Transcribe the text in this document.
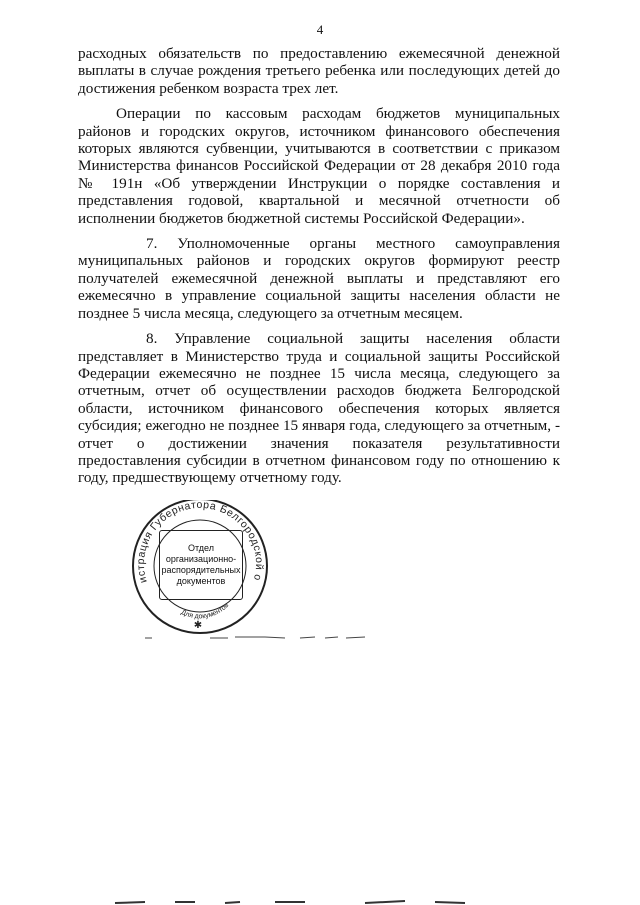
4

расходных обязательств по предоставлению ежемесячной денежной выплаты в случае рождения третьего ребенка или последующих детей до достижения ребенком возраста трех лет.

Операции по кассовым расходам бюджетов муниципальных районов и городских округов, источником финансового обеспечения которых являются субвенции, учитываются в соответствии с приказом Министерства финансов Российской Федерации от 28 декабря 2010 года № 191н «Об утверждении Инструкции о порядке составления и представления годовой, квартальной и месячной отчетности об исполнении бюджетов бюджетной системы Российской Федерации».

7. Уполномоченные органы местного самоуправления муниципальных районов и городских округов формируют реестр получателей ежемесячной денежной выплаты и представляют его ежемесячно в управление социальной защиты населения области не позднее 5 числа месяца, следующего за отчетным месяцем.

8. Управление социальной защиты населения области представляет в Министерство труда и социальной защиты Российской Федерации ежемесячно не позднее 15 числа месяца, следующего за отчетным, отчет об осуществлении расходов бюджета Белгородской области, источником финансового обеспечения которых является субсидия; ежегодно не позднее 15 января года, следующего за отчетным, - отчет о достижении значения показателя результативности предоставления субсидии в отчетном финансовом году по отношению к году, предшествующему отчетному году.

истрация Губернатора Белгородской о
Для документов
✱
Отдел
организационно-
распорядительных
документов
